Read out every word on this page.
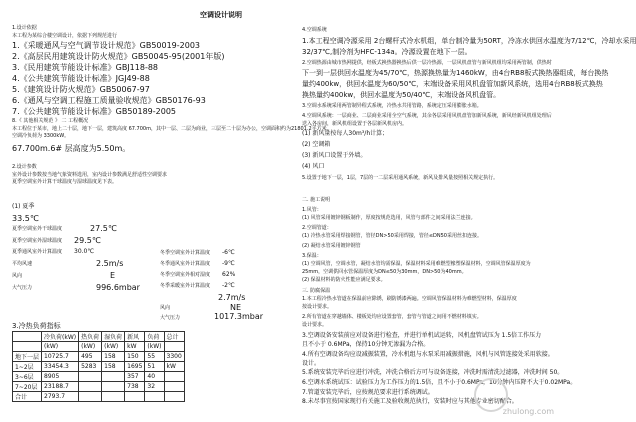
空调设计说明
1.设计依据
本工程为某综合楼空调设计，依据下列规范进行
1.《采暖通风与空气调节设计规范》GB50019-2003
2.《高层民用建筑设计防火规范》GB50045-95(2001年版)
3.《民用建筑节能设计标准》GBJ118-88
4.《公共建筑节能设计标准》JGJ49-88
5.《建筑设计防火规范》GB50067-97
6.《通风与空调工程施工质量验收规范》GB50176-93
7.《公共建筑节能设计标准》GB50189-2005
8.《 其他相关规范 》 二 工程概况
本工程位于某市，地上二十层，地下一层，建筑高度 67.700m，其中一层、二层为商业，三层至二十层为办公，空调面积约为21801.2平方米，
空调冷负荷为 3300kW。
67.700m.6# 层高度为5.50m。
2.设计参数
室外设计参数按当地气象资料选用，室内设计参数满足舒适性空调要求
夏季空调室外计算干球温度与湿球温度见下表。
(1) 夏季
33.5℃
夏季空调室外干球温度	27.5℃
夏季空调室外湿球温度 29.5℃
夏季通风室外计算温度 30.0℃
平均风速	2.5m/s
风向	E
大气压力	996.6mbar
冬季空调室外计算温度 -6℃
冬季通风室外计算温度 -9℃
冬季空调室外相对湿度 62%
冬季采暖室外计算温度 -2℃
2.7m/s
风向	NE
大气压力	1017.3mbar
3.冷热负荷指标
	冷负荷(kW)	热负荷	湿负荷	新风	负荷	总计
	(kW)	(kW)	(kW)	kW	(kW)	
地下一层	10725.7	495	158	150	55	3300
1~2层	33454.3	5283	158	1695	51	kW
3~6层	8905			357	40	
7~20层	23188.7			738	32	
合计	2793.7					
4.空调系统
1.本工程空调冷源采用 2台螺杆式冷水机组，单台制冷量为50RT，冷冻水供回水温度为7/12℃，冷却水采用
32/37℃,制冷剂为HFC-134a。冷源设置在地下一层。
2.空调热源由城市热网提供，经板式换热器换热后供一层冷热源，一层风机盘管与新风机组均采用两管制，供热时
下一到一层供回水温度为45/70℃，热源换热量为1460kW，由4台RB8板式换热器组成，每台换热
量约400kw，供回水温度为60/50℃，末端设备采用风机盘管加新风系统，选用4台RB8板式换热
换热量约400kw，供回水温度为50/40℃，末端设备风机盘管。
3.空调水系统采用两管制异程式系统，冷热水共用管路，系统定压采用膨胀水箱。
4.空调风系统：一层商业、二层商业采用全空气系统，其余各层采用风机盘管加新风系统，新风经新风机组处理后
送入各房间，新风机组设置于各层新风机房内。
(1) 新风量按每人30m³/h计算；
(2) 空调箱
(3) 新风口设置于外墙。
(4) 风口
5.设置于地下一层，1层，7层的一二层采用通风系统，新风及排风量按照相关规定执行。
二. 施工说明
1.风管：
(1) 风管采用镀锌钢板制作，厚度按规范选用，风管与部件之间采用法兰连接。
2.空调管道：
(1) 冷热水管采用焊接钢管，管径DN>50采用焊接，管径≤DN50采用丝扣连接。
(2) 凝结水管采用镀锌钢管
3.保温：
(1) 空调风管，空调水管，凝结水管均需保温，保温材料采用难燃型橡塑保温材料，空调风管保温厚度为
25mm，空调供回水管保温厚度为DN≤50为30mm，DN>50为40mm。
(2) 保温材料的防火性能应满足要求。
三. 防腐保温
1.本工程冷热水管道在保温前应除锈，刷防锈漆两遍。空调风管保温材料为难燃型材料，保温厚度
按设计要求。
2.所有管道在穿越墙体、楼板处均应设置套管，套管与管道之间用不燃材料填实。
设计要求。
3.空调设备安装前应对设备进行检查，并进行单机试运转，风机盘管试压为 1.5倍工作压力
且不小于 0.6MPa，保持10分钟无渗漏为合格。
4.所有空调设备均应设减振装置，冷水机组与水泵采用减振措施，风机与风管连接处采用软接。
设计。
5.系统安装完毕后应进行冲洗，冲洗合格后方可与设备连接，冲洗时需清洗过滤器，冲洗时间 50。
6.空调水系统试压：试验压力为工作压力的1.5倍，且不小于0.6MPa，10分钟内压降不大于0.02MPa。
7.管道安装完毕后，应按规范要求进行系统调试。
8.未尽事宜按国家现行有关施工及验收规范执行，安装时应与其他专业密切配合。
zhulong.com
